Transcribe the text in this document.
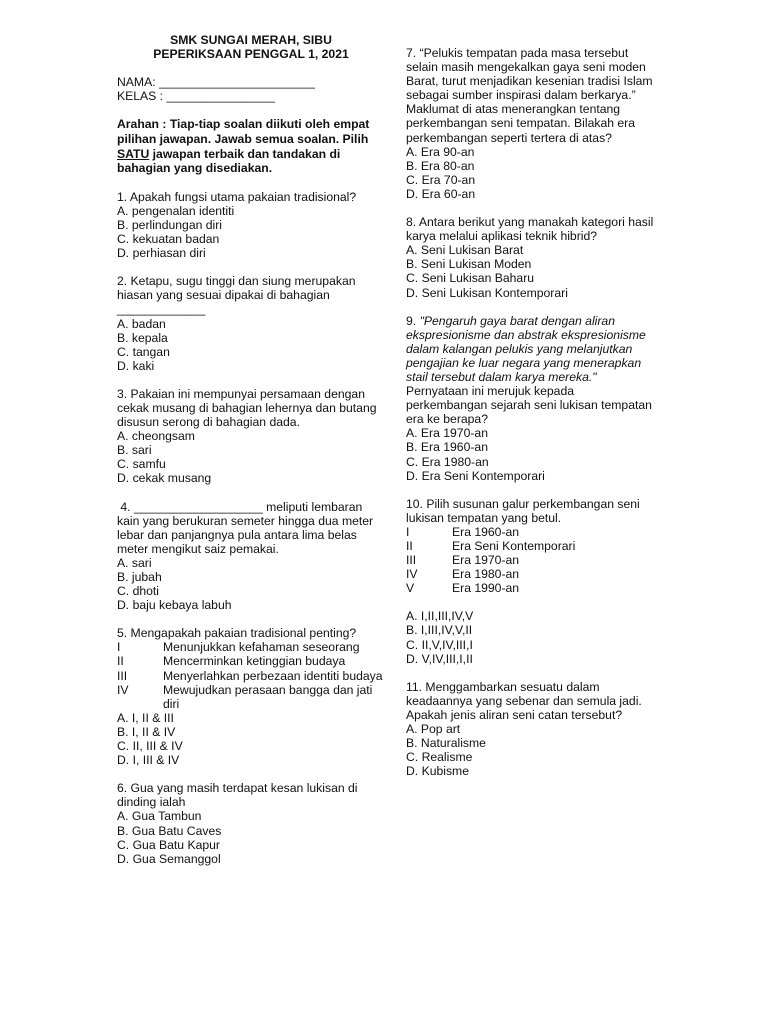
SMK SUNGAI MERAH, SIBU
PEPERIKSAAN PENGGAL 1, 2021
NAMA: _______________________
KELAS : ________________
Arahan : Tiap-tiap soalan diikuti oleh empat pilihan jawapan. Jawab semua soalan. Pilih SATU jawapan terbaik dan tandakan di bahagian yang disediakan.
1. Apakah fungsi utama pakaian tradisional?
A. pengenalan identiti
B. perlindungan diri
C. kekuatan badan
D. perhiasan diri
2. Ketapu, sugu tinggi dan siung merupakan hiasan yang sesuai dipakai di bahagian _____________
A. badan
B. kepala
C. tangan
D. kaki
3. Pakaian ini mempunyai persamaan dengan cekak musang di bahagian lehernya dan butang disusun serong di bahagian dada.
A. cheongsam
B. sari
C. samfu
D. cekak musang
4. ___________________ meliputi lembaran kain yang berukuran semeter hingga dua meter lebar dan panjangnya pula antara lima belas meter mengikut saiz pemakai.
A. sari
B. jubah
C. dhoti
D. baju kebaya labuh
5. Mengapakah pakaian tradisional penting?
I	Menunjukkan kefahaman seseorang
II	Mencerminkan ketinggian budaya
III	Menyerlahkan perbezaan identiti budaya
IV	Mewujudkan perasaan bangga dan jati diri
A. I, II & III
B. I, II & IV
C. II, III & IV
D. I, III & IV
6. Gua yang masih terdapat kesan lukisan di dinding ialah
A. Gua Tambun
B. Gua Batu Caves
C. Gua Batu Kapur
D. Gua Semanggol
7. “Pelukis tempatan pada masa tersebut selain masih mengekalkan gaya seni moden Barat, turut menjadikan kesenian tradisi Islam sebagai sumber inspirasi dalam berkarya.”
Maklumat di atas menerangkan tentang perkembangan seni tempatan. Bilakah era perkembangan seperti tertera di atas?
A. Era 90-an
B. Era 80-an
C. Era 70-an
D. Era 60-an
8. Antara berikut yang manakah kategori hasil karya melalui aplikasi teknik hibrid?
A. Seni Lukisan Barat
B. Seni Lukisan Moden
C. Seni Lukisan Baharu
D. Seni Lukisan Kontemporari
9. "Pengaruh gaya barat dengan aliran ekspresionisme dan abstrak ekspresionisme dalam kalangan pelukis yang melanjutkan pengajian ke luar negara yang menerapkan stail tersebut dalam karya mereka."
Pernyataan ini merujuk kepada perkembangan sejarah seni lukisan tempatan era ke berapa?
A. Era 1970-an
B. Era 1960-an
C. Era 1980-an
D. Era Seni Kontemporari
10. Pilih susunan galur perkembangan seni lukisan tempatan yang betul.
I	Era 1960-an
II	Era Seni Kontemporari
III	Era 1970-an
IV	Era 1980-an
V	Era 1990-an
A. I,II,III,IV,V
B. I,III,IV,V,II
C. II,V,IV,III,I
D. V,IV,III,I,II
11. Menggambarkan sesuatu dalam keadaannya yang sebenar dan semula jadi. Apakah jenis aliran seni catan tersebut?
A. Pop art
B. Naturalisme
C. Realisme
D. Kubisme
